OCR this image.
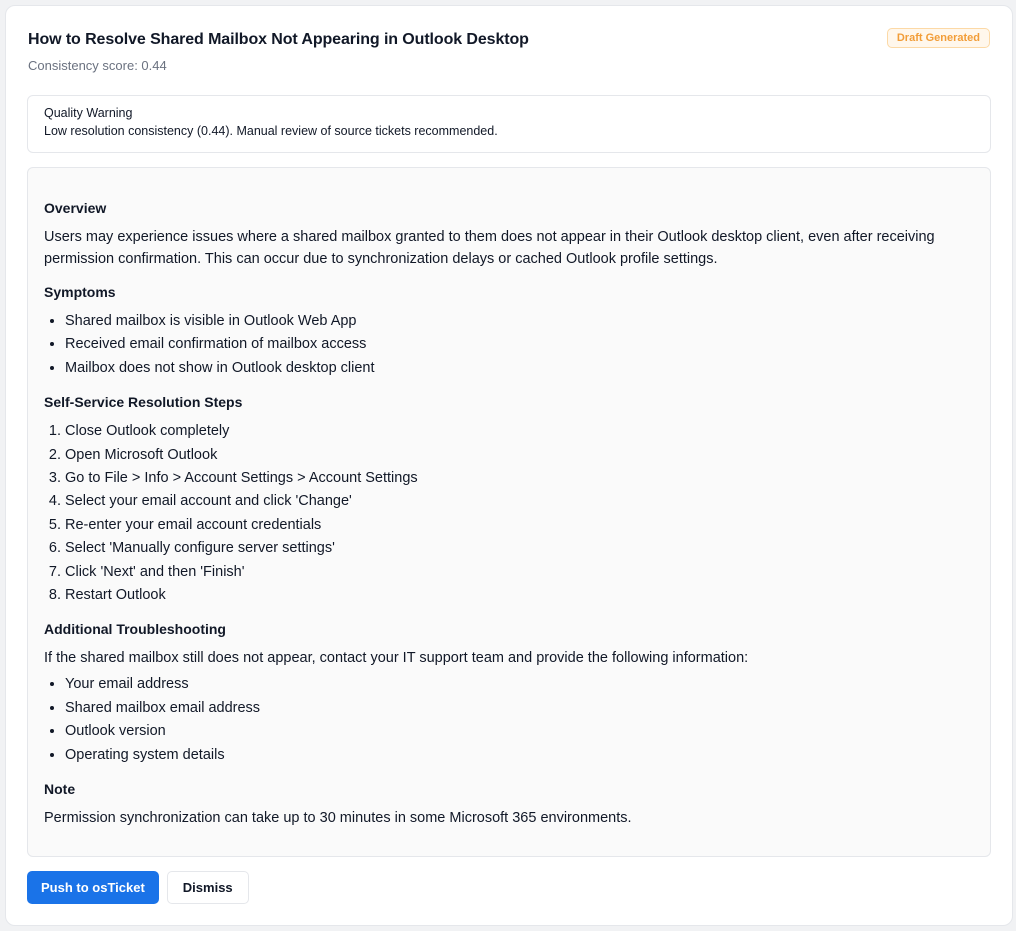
How to Resolve Shared Mailbox Not Appearing in Outlook Desktop
Consistency score: 0.44
Draft Generated
Quality Warning
Low resolution consistency (0.44). Manual review of source tickets recommended.
Overview

Users may experience issues where a shared mailbox granted to them does not appear in their Outlook desktop client, even after receiving permission confirmation. This can occur due to synchronization delays or cached Outlook profile settings.

Symptoms
• Shared mailbox is visible in Outlook Web App
• Received email confirmation of mailbox access
• Mailbox does not show in Outlook desktop client
Self-Service Resolution Steps
1. Close Outlook completely
2. Open Microsoft Outlook
3. Go to File > Info > Account Settings > Account Settings
4. Select your email account and click 'Change'
5. Re-enter your email account credentials
6. Select 'Manually configure server settings'
7. Click 'Next' and then 'Finish'
8. Restart Outlook
Additional Troubleshooting

If the shared mailbox still does not appear, contact your IT support team and provide the following information:

• Your email address
• Shared mailbox email address
• Outlook version
• Operating system details
Note

Permission synchronization can take up to 30 minutes in some Microsoft 365 environments.

Push to osTicket	Dismiss
